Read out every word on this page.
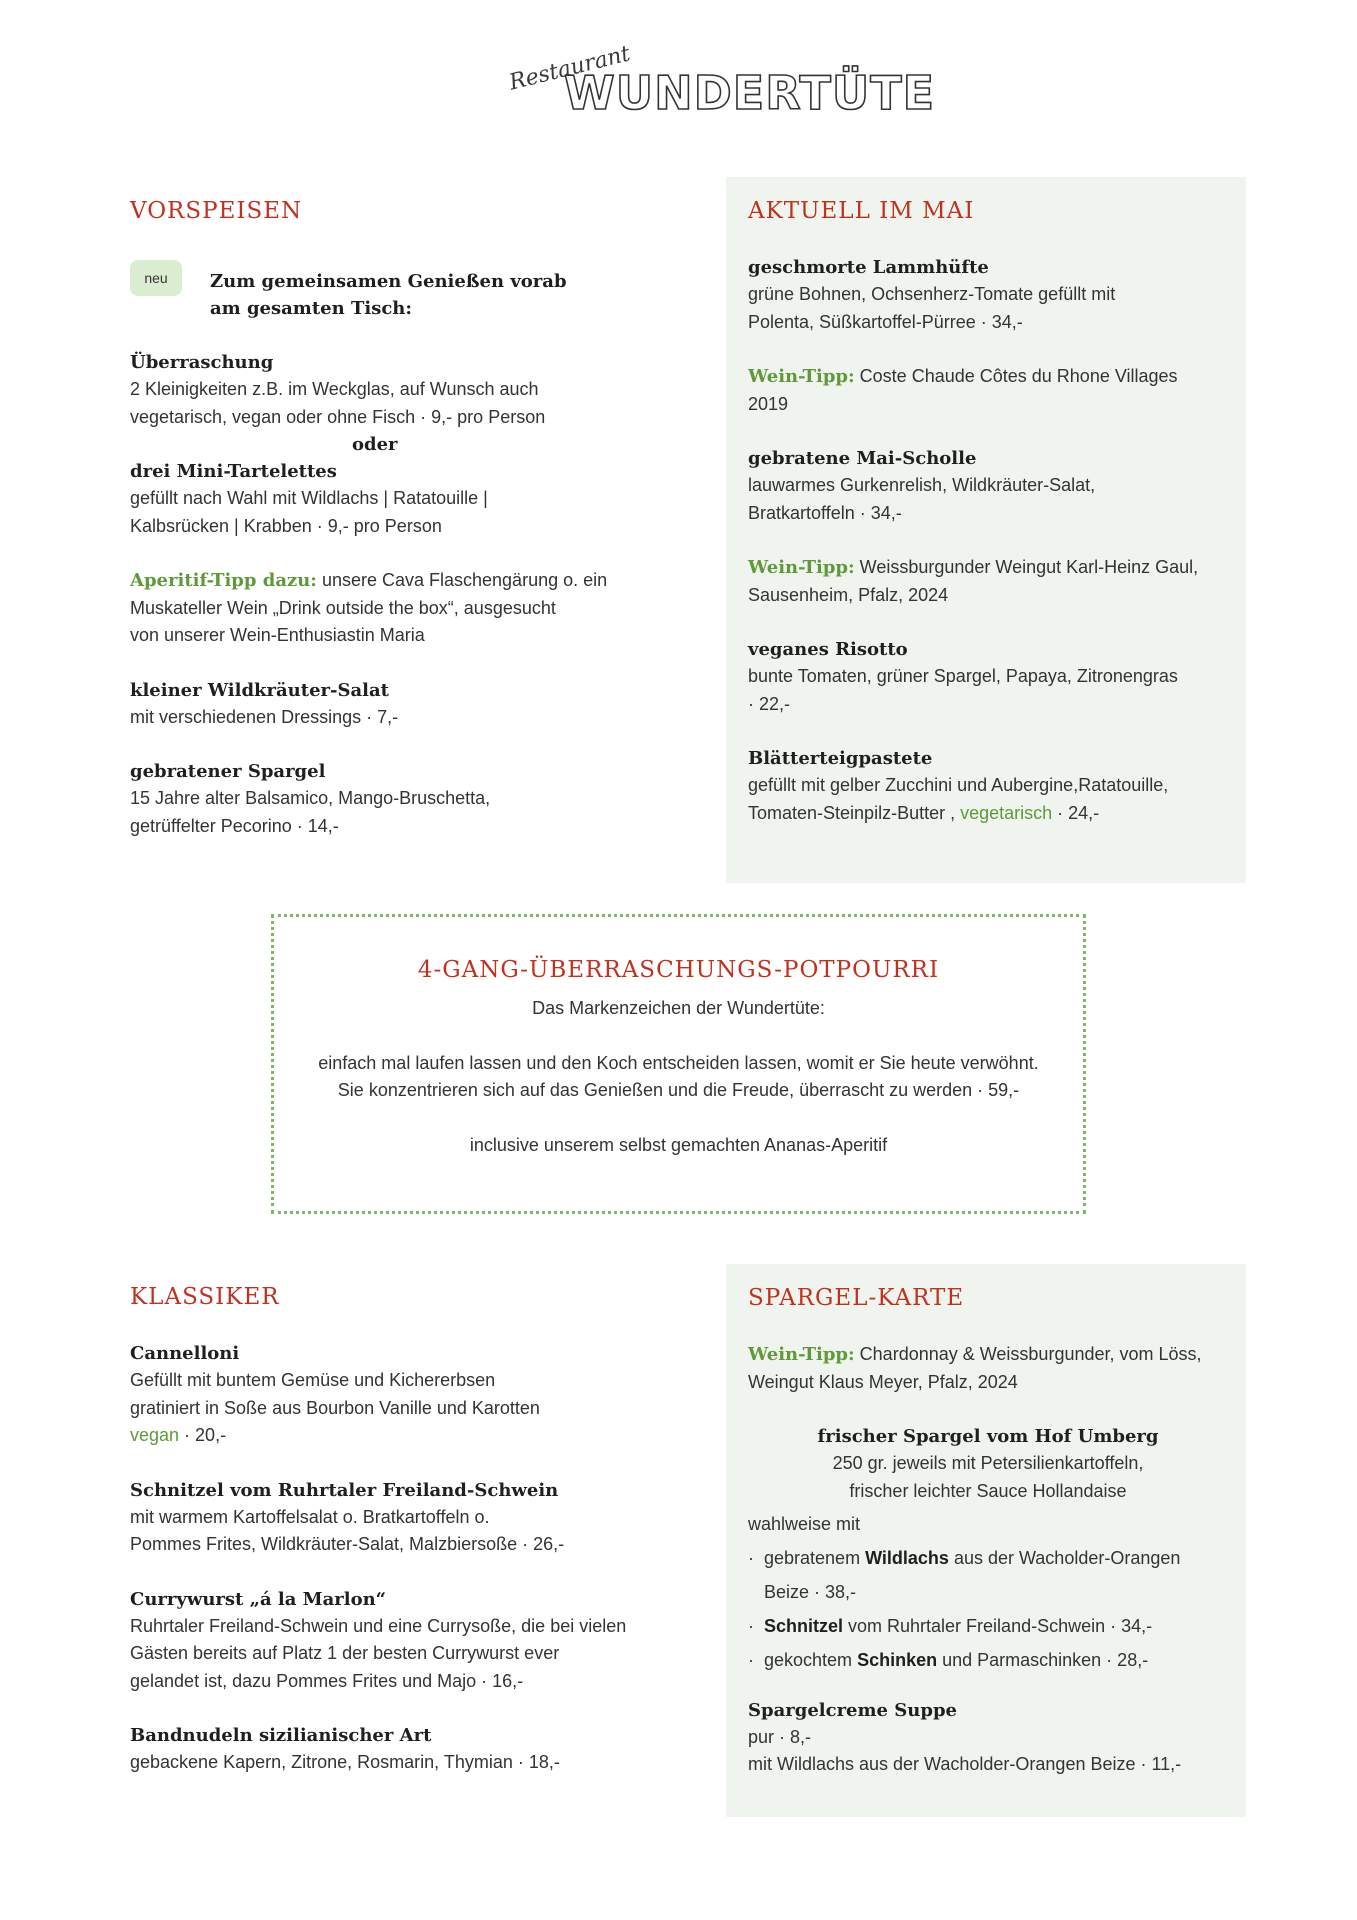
Restaurant
WUNDERTÜTE
VORSPEISEN
Zum gemeinsamen Genießen vorab
am gesamten Tisch:
Überraschung
2 Kleinigkeiten z.B. im Weckglas, auf Wunsch auch
vegetarisch, vegan oder ohne Fisch · 9,- pro Person
oder
drei Mini-Tartelettes
gefüllt nach Wahl mit Wildlachs | Ratatouille |
Kalbsrücken | Krabben · 9,- pro Person
Aperitif-Tipp dazu: unsere Cava Flaschengärung o. ein
Muskateller Wein „Drink outside the box“, ausgesucht
von unserer Wein-Enthusiastin Maria
kleiner Wildkräuter-Salat
mit verschiedenen Dressings · 7,-
gebratener Spargel
15 Jahre alter Balsamico, Mango-Bruschetta,
getrüffelter Pecorino · 14,-
neu
AKTUELL IM MAI
geschmorte Lammhüfte
grüne Bohnen, Ochsenherz-Tomate gefüllt mit
Polenta, Süßkartoffel-Pürree · 34,-
Wein-Tipp: Coste Chaude Côtes du Rhone Villages
2019
gebratene Mai-Scholle
lauwarmes Gurkenrelish, Wildkräuter-Salat,
Bratkartoffeln · 34,-
Wein-Tipp: Weissburgunder Weingut Karl-Heinz Gaul,
Sausenheim, Pfalz, 2024
veganes Risotto
bunte Tomaten, grüner Spargel, Papaya, Zitronengras
· 22,-
Blätterteigpastete
gefüllt mit gelber Zucchini und Aubergine,Ratatouille,
Tomaten-Steinpilz-Butter , vegetarisch · 24,-
4-GANG-ÜBERRASCHUNGS-POTPOURRI
Das Markenzeichen der Wundertüte:
einfach mal laufen lassen und den Koch entscheiden lassen, womit er Sie heute verwöhnt.
Sie konzentrieren sich auf das Genießen und die Freude, überrascht zu werden · 59,-
inclusive unserem selbst gemachten Ananas-Aperitif
KLASSIKER
Cannelloni
Gefüllt mit buntem Gemüse und Kichererbsen
gratiniert in Soße aus Bourbon Vanille und Karotten
vegan · 20,-
Schnitzel vom Ruhrtaler Freiland-Schwein
mit warmem Kartoffelsalat o. Bratkartoffeln o.
Pommes Frites, Wildkräuter-Salat, Malzbiersoße · 26,-
Currywurst „á la Marlon“
Ruhrtaler Freiland-Schwein und eine Currysoße, die bei vielen
Gästen bereits auf Platz 1 der besten Currywurst ever
gelandet ist, dazu Pommes Frites und Majo · 16,-
Bandnudeln sizilianischer Art
gebackene Kapern, Zitrone, Rosmarin, Thymian · 18,-
SPARGEL-KARTE
Wein-Tipp: Chardonnay & Weissburgunder, vom Löss,
Weingut Klaus Meyer, Pfalz, 2024
frischer Spargel vom Hof Umberg
250 gr. jeweils mit Petersilienkartoffeln,
frischer leichter Sauce Hollandaise
wahlweise mit
· gebratenem Wildlachs aus der Wacholder-Orangen
Beize · 38,-
· Schnitzel vom Ruhrtaler Freiland-Schwein · 34,-
· gekochtem Schinken und Parmaschinken · 28,-
Spargelcreme Suppe
pur · 8,-
mit Wildlachs aus der Wacholder-Orangen Beize · 11,-
